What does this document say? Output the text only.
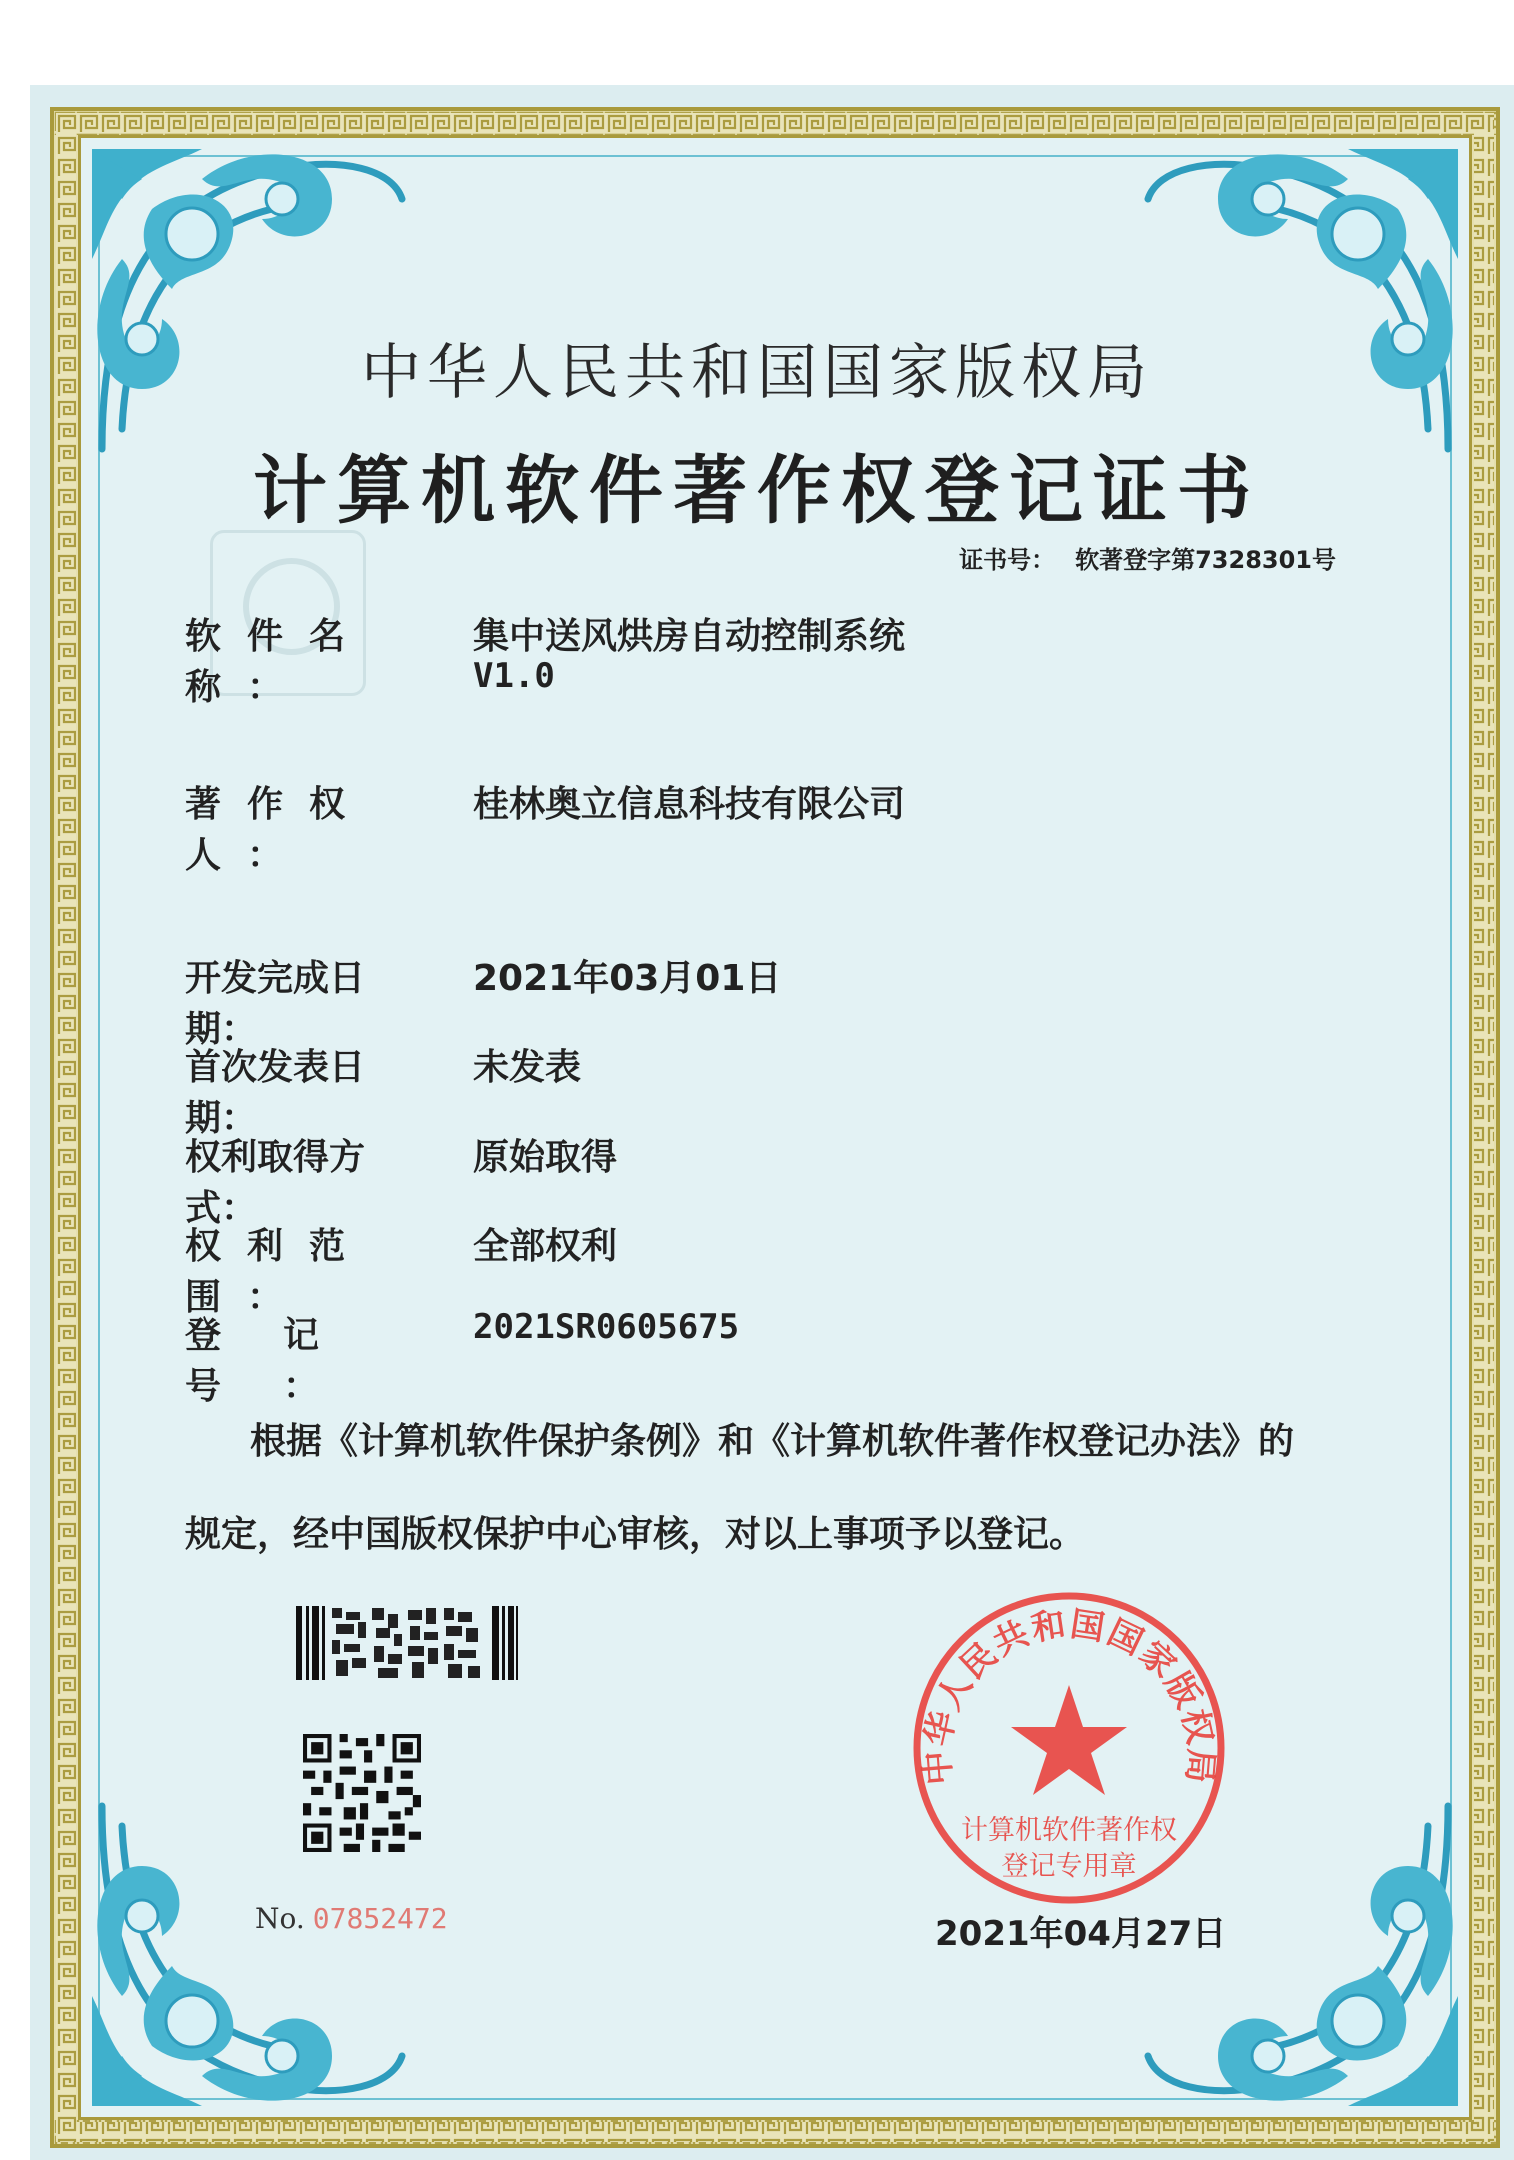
中华人民共和国国家版权局
计算机软件著作权登记证书
证书号： 软著登字第7328301号
软件名称：
集中送风烘房自动控制系统
V1.0
著作权人：
桂林奥立信息科技有限公司
开发完成日期：
2021年03月01日
首次发表日期：
未发表
权利取得方式：
原始取得
权利范围：
全部权利
登记号：
2021SR0605675
根据《计算机软件保护条例》和《计算机软件著作权登记办法》的
规定，经中国版权保护中心审核，对以上事项予以登记。
No. 07852472
中华人民共和国国家版权局
计算机软件著作权
登记专用章
2021年04月27日
